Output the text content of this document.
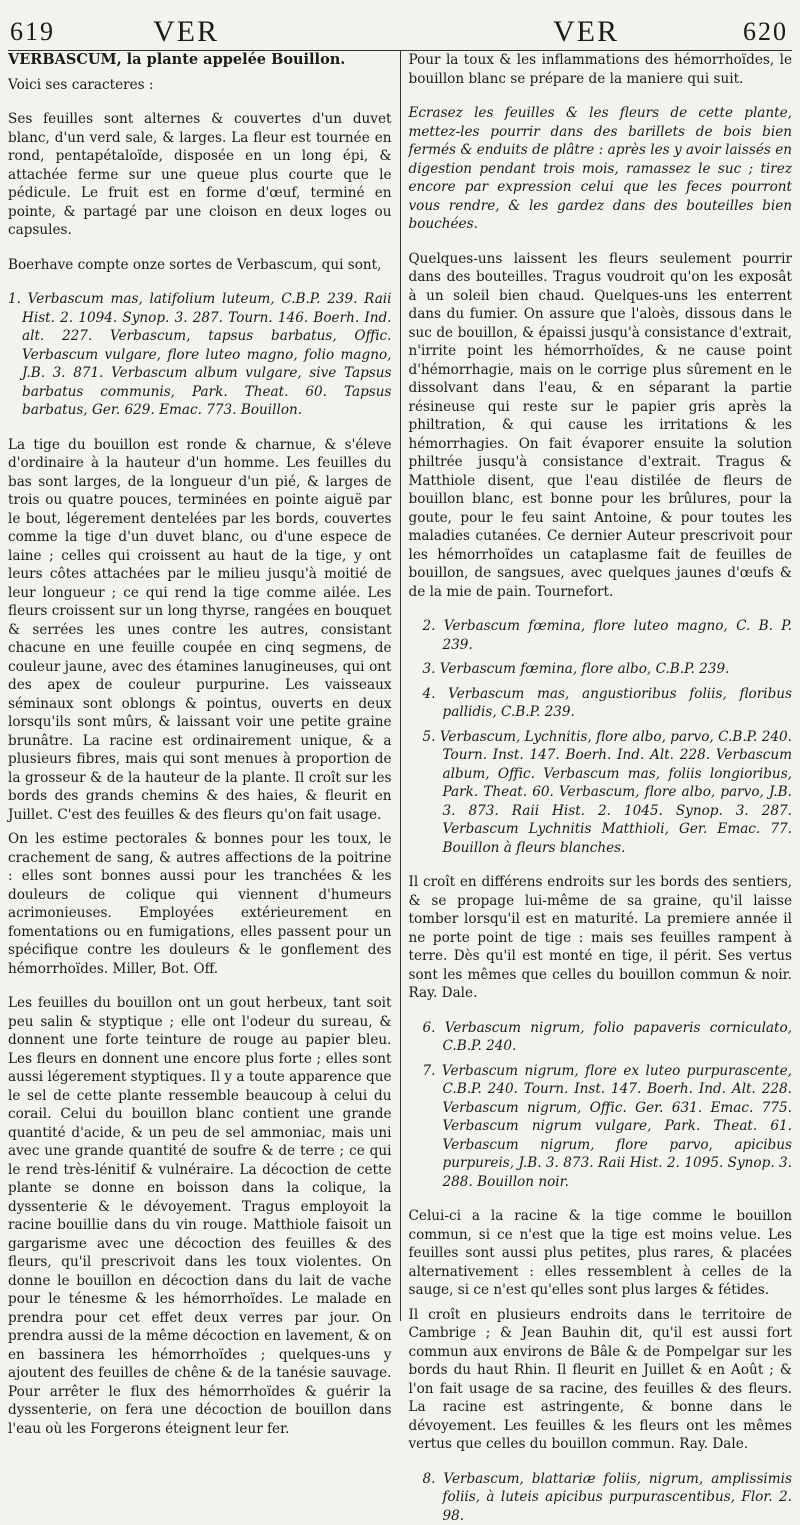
619	VER	VER	620

VERBASCUM, la plante appelée Bouillon.

Voici ses caracteres :

Ses feuilles sont alternes & couvertes d'un duvet blanc, d'un verd sale, & larges. La fleur est tournée en rond, pentapétaloïde, disposée en un long épi, & attachée ferme sur une queue plus courte que le pédicule. Le fruit est en forme d'œuf, terminé en pointe, & partagé par une cloison en deux loges ou capsules.

Boerhave compte onze sortes de Verbascum, qui sont,

1. Verbascum mas, latifolium luteum, C.B.P. 239. Raii Hist. 2. 1094. Synop. 3. 287. Tourn. 146. Boerh. Ind. alt. 227. Verbascum, tapsus barbatus, Offic. Verbascum vulgare, flore luteo magno, folio magno, J.B. 3. 871. Verbascum album vulgare, sive Tapsus barbatus communis, Park. Theat. 60. Tapsus barbatus, Ger. 629. Emac. 773. Bouillon.

La tige du bouillon est ronde & charnue, & s'éleve d'ordinaire à la hauteur d'un homme. Les feuilles du bas sont larges, de la longueur d'un pié, & larges de trois ou quatre pouces, terminées en pointe aiguë par le bout, légerement dentelées par les bords, couvertes comme la tige d'un duvet blanc, ou d'une espece de laine ; celles qui croissent au haut de la tige, y ont leurs côtes attachées par le milieu jusqu'à moitié de leur longueur ; ce qui rend la tige comme ailée. Les fleurs croissent sur un long thyrse, rangées en bouquet & serrées les unes contre les autres, consistant chacune en une feuille coupée en cinq segmens, de couleur jaune, avec des étamines lanugineuses, qui ont des apex de couleur purpurine. Les vaisseaux séminaux sont oblongs & pointus, ouverts en deux lorsqu'ils sont mûrs, & laissant voir une petite graine brunâtre. La racine est ordinairement unique, & a plusieurs fibres, mais qui sont menues à proportion de la grosseur & de la hauteur de la plante. Il croît sur les bords des grands chemins & des haies, & fleurit en Juillet. C'est des feuilles & des fleurs qu'on fait usage.

On les estime pectorales & bonnes pour les toux, le crachement de sang, & autres affections de la poitrine : elles sont bonnes aussi pour les tranchées & les douleurs de colique qui viennent d'humeurs acrimonieuses. Employées extérieurement en fomentations ou en fumigations, elles passent pour un spécifique contre les douleurs & le gonflement des hémorrhoïdes. Miller, Bot. Off.

Les feuilles du bouillon ont un gout herbeux, tant soit peu salin & styptique ; elle ont l'odeur du sureau, & donnent une forte teinture de rouge au papier bleu. Les fleurs en donnent une encore plus forte ; elles sont aussi légerement styptiques. Il y a toute apparence que le sel de cette plante ressemble beaucoup à celui du corail. Celui du bouillon blanc contient une grande quantité d'acide, & un peu de sel ammoniac, mais uni avec une grande quantité de soufre & de terre ; ce qui le rend très-lénitif & vulnéraire. La décoction de cette plante se donne en boisson dans la colique, la dyssenterie & le dévoyement. Tragus employoit la racine bouillie dans du vin rouge. Matthiole faisoit un gargarisme avec une décoction des feuilles & des fleurs, qu'il prescrivoit dans les toux violentes. On donne le bouillon en décoction dans du lait de vache pour le ténesme & les hémorrhoïdes. Le malade en prendra pour cet effet deux verres par jour. On prendra aussi de la même décoction en lavement, & on en bassinera les hémorrhoïdes ; quelques-uns y ajoutent des feuilles de chêne & de la tanésie sauvage. Pour arrêter le flux des hémorrhoïdes & guérir la dyssenterie, on fera une décoction de bouillon dans l'eau où les Forgerons éteignent leur fer.

Pour la toux & les inflammations des hémorrhoïdes, le bouillon blanc se prépare de la maniere qui suit.

Ecrasez les feuilles & les fleurs de cette plante, mettez-les pourrir dans des barillets de bois bien fermés & enduits de plâtre : après les y avoir laissés en digestion pendant trois mois, ramassez le suc ; tirez encore par expression celui que les feces pourront vous rendre, & les gardez dans des bouteilles bien bouchées.

Quelques-uns laissent les fleurs seulement pourrir dans des bouteilles. Tragus voudroit qu'on les exposât à un soleil bien chaud. Quelques-uns les enterrent dans du fumier. On assure que l'aloès, dissous dans le suc de bouillon, & épaissi jusqu'à consistance d'extrait, n'irrite point les hémorrhoïdes, & ne cause point d'hémorrhagie, mais on le corrige plus sûrement en le dissolvant dans l'eau, & en séparant la partie résineuse qui reste sur le papier gris après la philtration, & qui cause les irritations & les hémorrhagies. On fait évaporer ensuite la solution philtrée jusqu'à consistance d'extrait. Tragus & Matthiole disent, que l'eau distilée de fleurs de bouillon blanc, est bonne pour les brûlures, pour la goute, pour le feu saint Antoine, & pour toutes les maladies cutanées. Ce dernier Auteur prescrivoit pour les hémorrhoïdes un cataplasme fait de feuilles de bouillon, de sangsues, avec quelques jaunes d'œufs & de la mie de pain. Tournefort.

2. Verbascum fœmina, flore luteo magno, C. B. P. 239.

3. Verbascum fœmina, flore albo, C.B.P. 239.

4. Verbascum mas, angustioribus foliis, floribus pallidis, C.B.P. 239.

5. Verbascum, Lychnitis, flore albo, parvo, C.B.P. 240. Tourn. Inst. 147. Boerh. Ind. Alt. 228. Verbascum album, Offic. Verbascum mas, foliis longioribus, Park. Theat. 60. Verbascum, flore albo, parvo, J.B. 3. 873. Raii Hist. 2. 1045. Synop. 3. 287. Verbascum Lychnitis Matthioli, Ger. Emac. 77. Bouillon à fleurs blanches.

Il croît en différens endroits sur les bords des sentiers, & se propage lui-même de sa graine, qu'il laisse tomber lorsqu'il est en maturité. La premiere année il ne porte point de tige : mais ses feuilles rampent à terre. Dès qu'il est monté en tige, il périt. Ses vertus sont les mêmes que celles du bouillon commun & noir. Ray. Dale.

6. Verbascum nigrum, folio papaveris corniculato, C.B.P. 240.

7. Verbascum nigrum, flore ex luteo purpurascente, C.B.P. 240. Tourn. Inst. 147. Boerh. Ind. Alt. 228. Verbascum nigrum, Offic. Ger. 631. Emac. 775. Verbascum nigrum vulgare, Park. Theat. 61. Verbascum nigrum, flore parvo, apicibus purpureis, J.B. 3. 873. Raii Hist. 2. 1095. Synop. 3. 288. Bouillon noir.

Celui-ci a la racine & la tige comme le bouillon commun, si ce n'est que la tige est moins velue. Les feuilles sont aussi plus petites, plus rares, & placées alternativement : elles ressemblent à celles de la sauge, si ce n'est qu'elles sont plus larges & fétides.

Il croît en plusieurs endroits dans le territoire de Cambrige ; & Jean Bauhin dit, qu'il est aussi fort commun aux environs de Bâle & de Pompelgar sur les bords du haut Rhin. Il fleurit en Juillet & en Août ; & l'on fait usage de sa racine, des feuilles & des fleurs. La racine est astringente, & bonne dans le dévoyement. Les feuilles & les fleurs ont les mêmes vertus que celles du bouillon commun. Ray. Dale.

8. Verbascum, blattariæ foliis, nigrum, amplissimis foliis, à luteis apicibus purpurascentibus, Flor. 2. 98.
